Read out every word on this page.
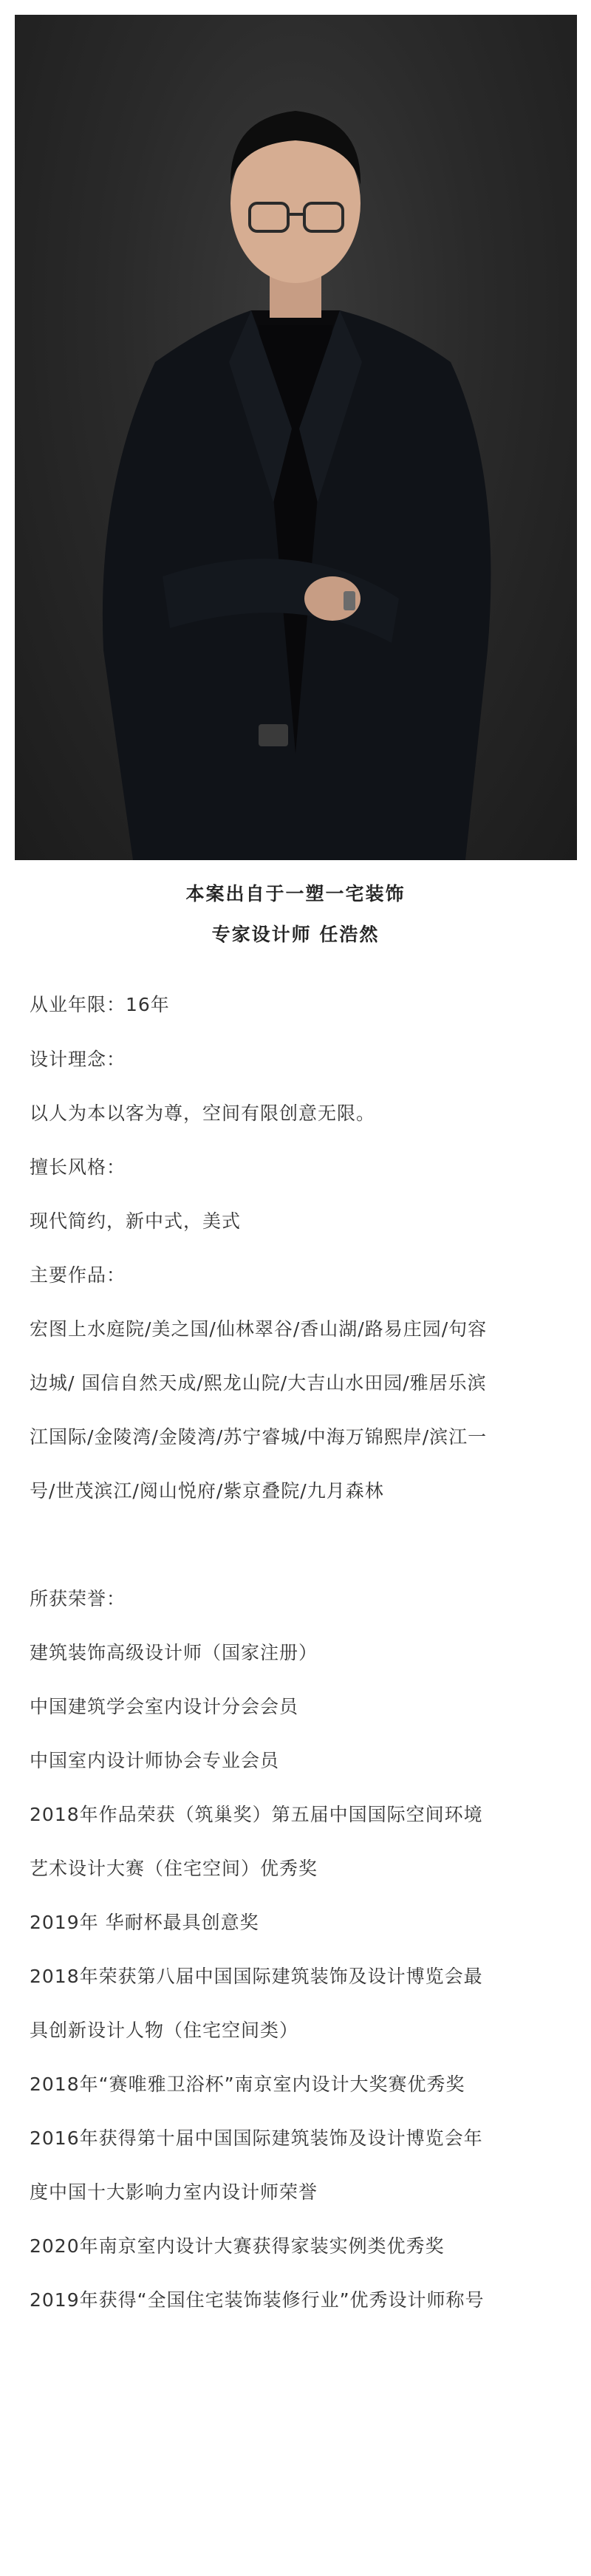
本案出自于一塑一宅装饰
专家设计师 任浩然
从业年限：16年
设计理念：
以人为本以客为尊，空间有限创意无限。
擅长风格：
现代简约，新中式，美式
主要作品：
宏图上水庭院/美之国/仙林翠谷/香山湖/路易庄园/句容
边城/ 国信自然天成/熙龙山院/大吉山水田园/雅居乐滨
江国际/金陵湾/金陵湾/苏宁睿城/中海万锦熙岸/滨江一
号/世茂滨江/阅山悦府/紫京叠院/九月森林
所获荣誉：
建筑装饰高级设计师（国家注册）
中国建筑学会室内设计分会会员
中国室内设计师协会专业会员
2018年作品荣获（筑巢奖）第五届中国国际空间环境
艺术设计大赛（住宅空间）优秀奖
2019年 华耐杯最具创意奖
2018年荣获第八届中国国际建筑装饰及设计博览会最
具创新设计人物（住宅空间类）
2018年“赛唯雅卫浴杯”南京室内设计大奖赛优秀奖
2016年获得第十届中国国际建筑装饰及设计博览会年
度中国十大影响力室内设计师荣誉
2020年南京室内设计大赛获得家装实例类优秀奖
2019年获得“全国住宅装饰装修行业”优秀设计师称号
